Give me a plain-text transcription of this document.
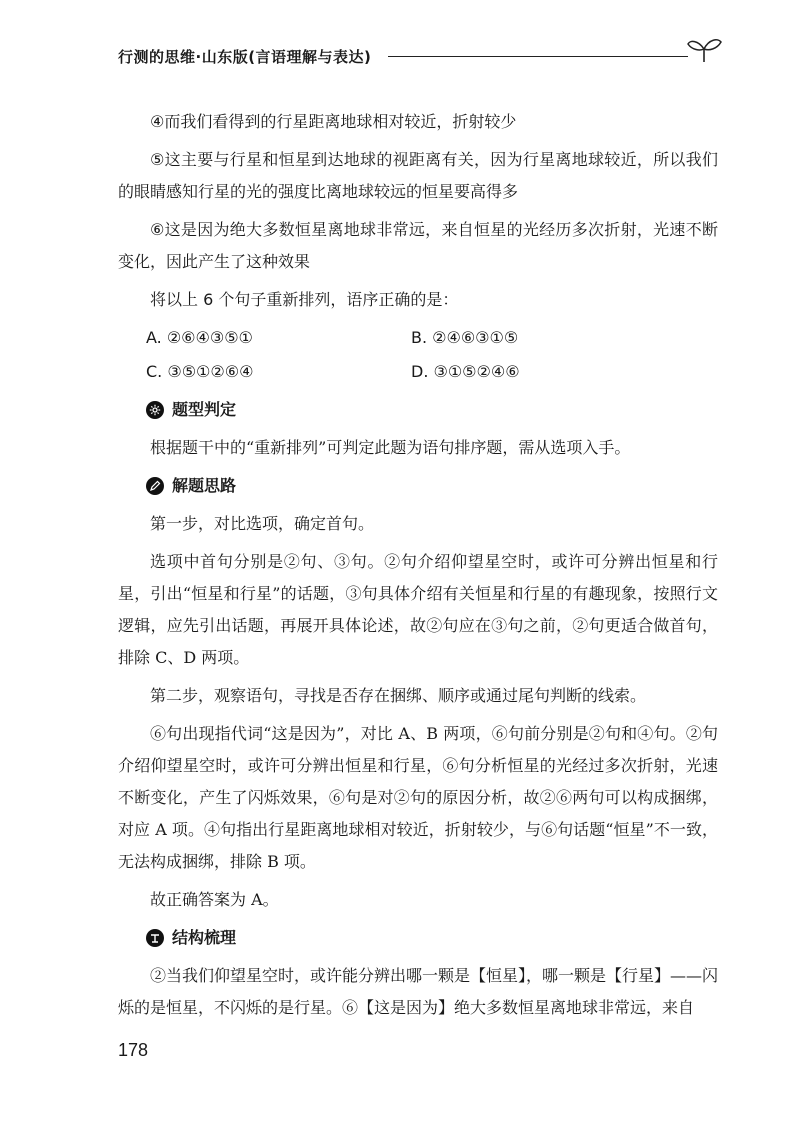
行测的思维·山东版(言语理解与表达)

④而我们看得到的行星距离地球相对较近，折射较少

⑤这主要与行星和恒星到达地球的视距离有关，因为行星离地球较近，所以我们的眼睛感知行星的光的强度比离地球较远的恒星要高得多

⑥这是因为绝大多数恒星离地球非常远，来自恒星的光经历多次折射，光速不断变化，因此产生了这种效果

将以上 6 个句子重新排列，语序正确的是：

A. ②⑥④③⑤①	B. ②④⑥③①⑤
C. ③⑤①②⑥④	D. ③①⑤②④⑥
题型判定

根据题干中的“重新排列”可判定此题为语句排序题，需从选项入手。

解题思路

第一步，对比选项，确定首句。

选项中首句分别是②句、③句。②句介绍仰望星空时，或许可分辨出恒星和行星，引出“恒星和行星”的话题，③句具体介绍有关恒星和行星的有趣现象，按照行文逻辑，应先引出话题，再展开具体论述，故②句应在③句之前，②句更适合做首句，排除 C、D 两项。

第二步，观察语句，寻找是否存在捆绑、顺序或通过尾句判断的线索。

⑥句出现指代词“这是因为”，对比 A、B 两项，⑥句前分别是②句和④句。②句介绍仰望星空时，或许可分辨出恒星和行星，⑥句分析恒星的光经过多次折射，光速不断变化，产生了闪烁效果，⑥句是对②句的原因分析，故②⑥两句可以构成捆绑，对应 A 项。④句指出行星距离地球相对较近，折射较少，与⑥句话题“恒星”不一致，无法构成捆绑，排除 B 项。

故正确答案为 A。

结构梳理

②当我们仰望星空时，或许能分辨出哪一颗是【恒星】，哪一颗是【行星】——闪烁的是恒星，不闪烁的是行星。⑥【这是因为】绝大多数恒星离地球非常远，来自

178
